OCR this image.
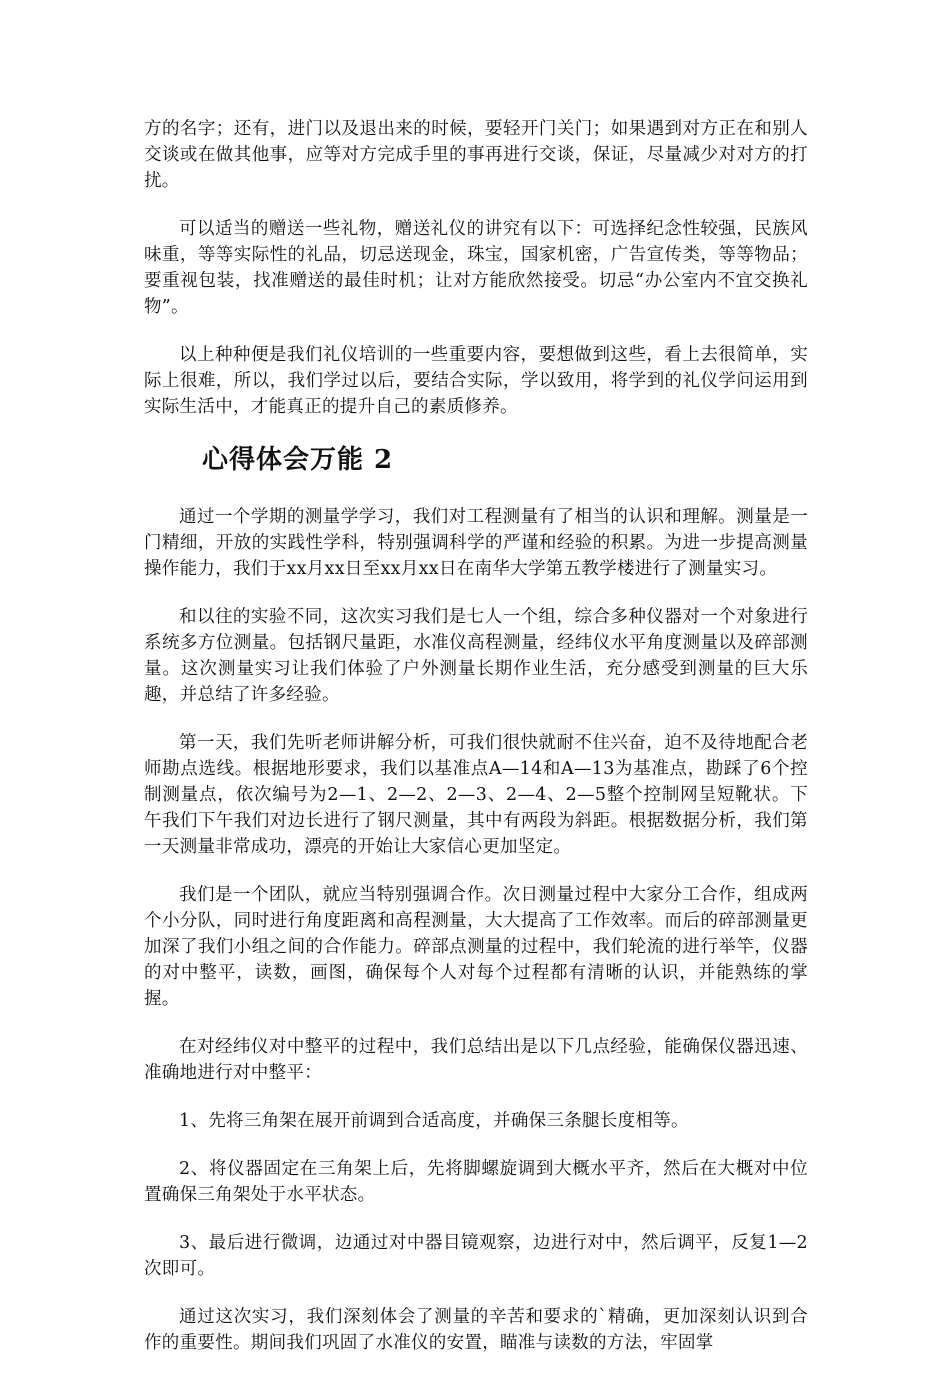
方的名字；还有，进门以及退出来的时候，要轻开门关门；如果遇到对方正在和别人交谈或在做其他事，应等对方完成手里的事再进行交谈，保证，尽量减少对对方的打扰。

可以适当的赠送一些礼物，赠送礼仪的讲究有以下：可选择纪念性较强，民族风味重，等等实际性的礼品，切忌送现金，珠宝，国家机密，广告宣传类，等等物品；要重视包装，找准赠送的最佳时机；让对方能欣然接受。切忌“办公室内不宜交换礼物”。

以上种种便是我们礼仪培训的一些重要内容，要想做到这些，看上去很简单，实际上很难，所以，我们学过以后，要结合实际，学以致用，将学到的礼仪学问运用到实际生活中，才能真正的提升自己的素质修养。

心得体会万能 2

通过一个学期的测量学学习，我们对工程测量有了相当的认识和理解。测量是一门精细，开放的实践性学科，特别强调科学的严谨和经验的积累。为进一步提高测量操作能力，我们于xx月xx日至xx月xx日在南华大学第五教学楼进行了测量实习。

和以往的实验不同，这次实习我们是七人一个组，综合多种仪器对一个对象进行系统多方位测量。包括钢尺量距，水准仪高程测量，经纬仪水平角度测量以及碎部测量。这次测量实习让我们体验了户外测量长期作业生活，充分感受到测量的巨大乐趣，并总结了许多经验。

第一天，我们先听老师讲解分析，可我们很快就耐不住兴奋，迫不及待地配合老师勘点选线。根据地形要求，我们以基准点A—14和A—13为基准点，勘踩了6个控制测量点，依次编号为2—1、2—2、2—3、2—4、2—5整个控制网呈短靴状。下午我们下午我们对边长进行了钢尺测量，其中有两段为斜距。根据数据分析，我们第一天测量非常成功，漂亮的开始让大家信心更加坚定。

我们是一个团队，就应当特别强调合作。次日测量过程中大家分工合作，组成两个小分队，同时进行角度距离和高程测量，大大提高了工作效率。而后的碎部测量更加深了我们小组之间的合作能力。碎部点测量的过程中，我们轮流的进行举竿，仪器的对中整平，读数，画图，确保每个人对每个过程都有清晰的认识，并能熟练的掌握。

在对经纬仪对中整平的过程中，我们总结出是以下几点经验，能确保仪器迅速、准确地进行对中整平：

1、先将三角架在展开前调到合适高度，并确保三条腿长度相等。

2、将仪器固定在三角架上后，先将脚螺旋调到大概水平齐，然后在大概对中位置确保三角架处于水平状态。

3、最后进行微调，边通过对中器目镜观察，边进行对中，然后调平，反复1—2次即可。

通过这次实习，我们深刻体会了测量的辛苦和要求的`精确，更加深刻认识到合作的重要性。期间我们巩固了水准仪的安置，瞄准与读数的方法，牢固掌
